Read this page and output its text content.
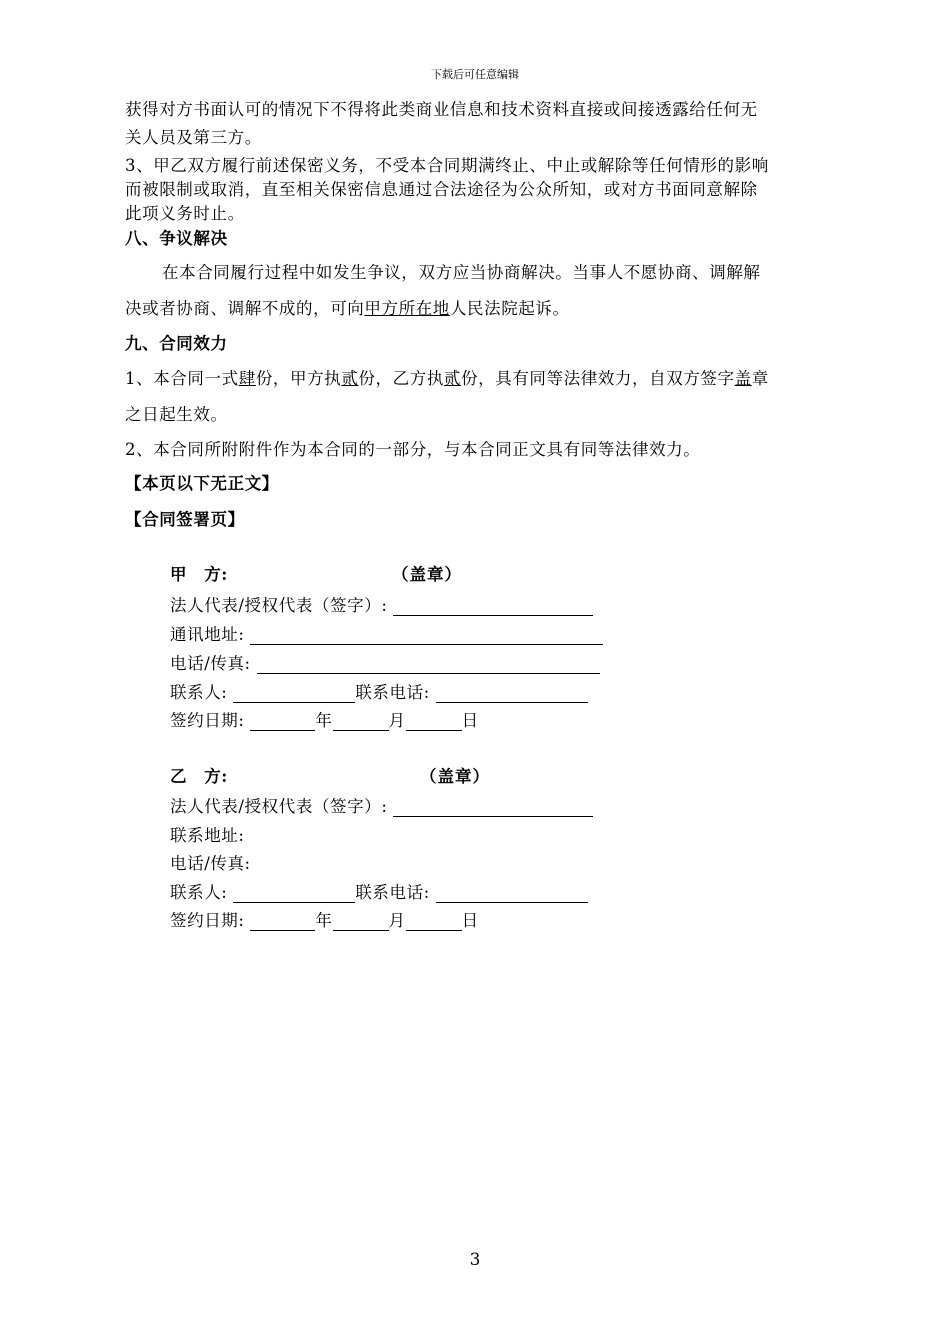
下载后可任意编辑
获得对方书面认可的情况下不得将此类商业信息和技术资料直接或间接透露给任何无
关人员及第三方。
3、甲乙双方履行前述保密义务，不受本合同期满终止、中止或解除等任何情形的影响
而被限制或取消，直至相关保密信息通过合法途径为公众所知，或对方书面同意解除
此项义务时止。
八、争议解决
在本合同履行过程中如发生争议，双方应当协商解决。当事人不愿协商、调解解
决或者协商、调解不成的，可向甲方所在地人民法院起诉。
九、合同效力
1、本合同一式肆份，甲方执贰份，乙方执贰份，具有同等法律效力，自双方签字盖章
之日起生效。
2、本合同所附附件作为本合同的一部分，与本合同正文具有同等法律效力。
【本页以下无正文】
【合同签署页】
甲　方:	（盖章）
法人代表/授权代表（签字）:
通讯地址:
电话/传真:
联系人:	联系电话:
签约日期:	年	月	日
乙　方:	（盖章）
法人代表/授权代表（签字）:
联系地址:
电话/传真:
联系人:	联系电话:
签约日期:	年	月	日
3
